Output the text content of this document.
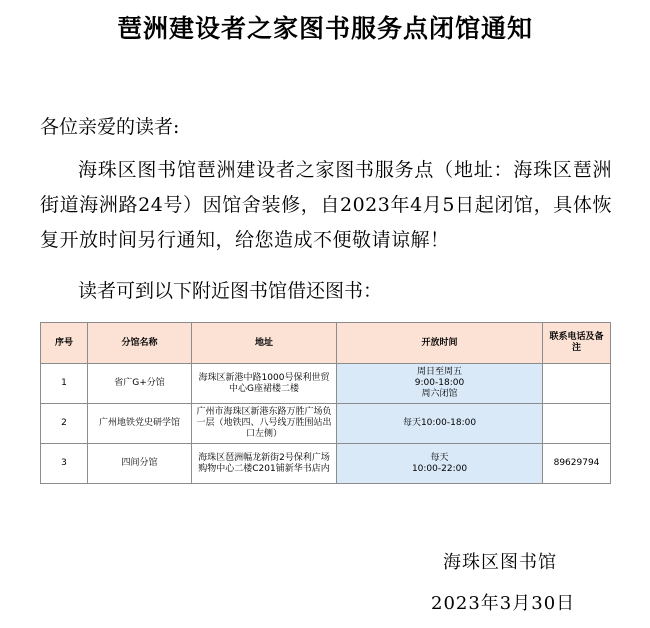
琶洲建设者之家图书服务点闭馆通知
各位亲爱的读者:
海珠区图书馆琶洲建设者之家图书服务点（地址：海珠区琶洲街道海洲路24号）因馆舍装修，自2023年4月5日起闭馆，具体恢复开放时间另行通知，给您造成不便敬请谅解！
读者可到以下附近图书馆借还图书：
序号	分馆名称	地址	开放时间	联系电话及备注
1	省广G+分馆	海珠区新港中路1000号保利世贸中心G座裙楼二楼	周日至周五
9:00-18:00
周六闭馆	

2	广州地铁党史研学馆	广州市海珠区新港东路万胜广场负一层（地铁四、八号线万胜围站出口左侧）	每天10:00-18:00	

3	四间分馆	海珠区琶洲幅龙新街2号保利广场购物中心二楼C201铺新华书店内	每天
10:00-22:00	89629794
海珠区图书馆
2023年3月30日
